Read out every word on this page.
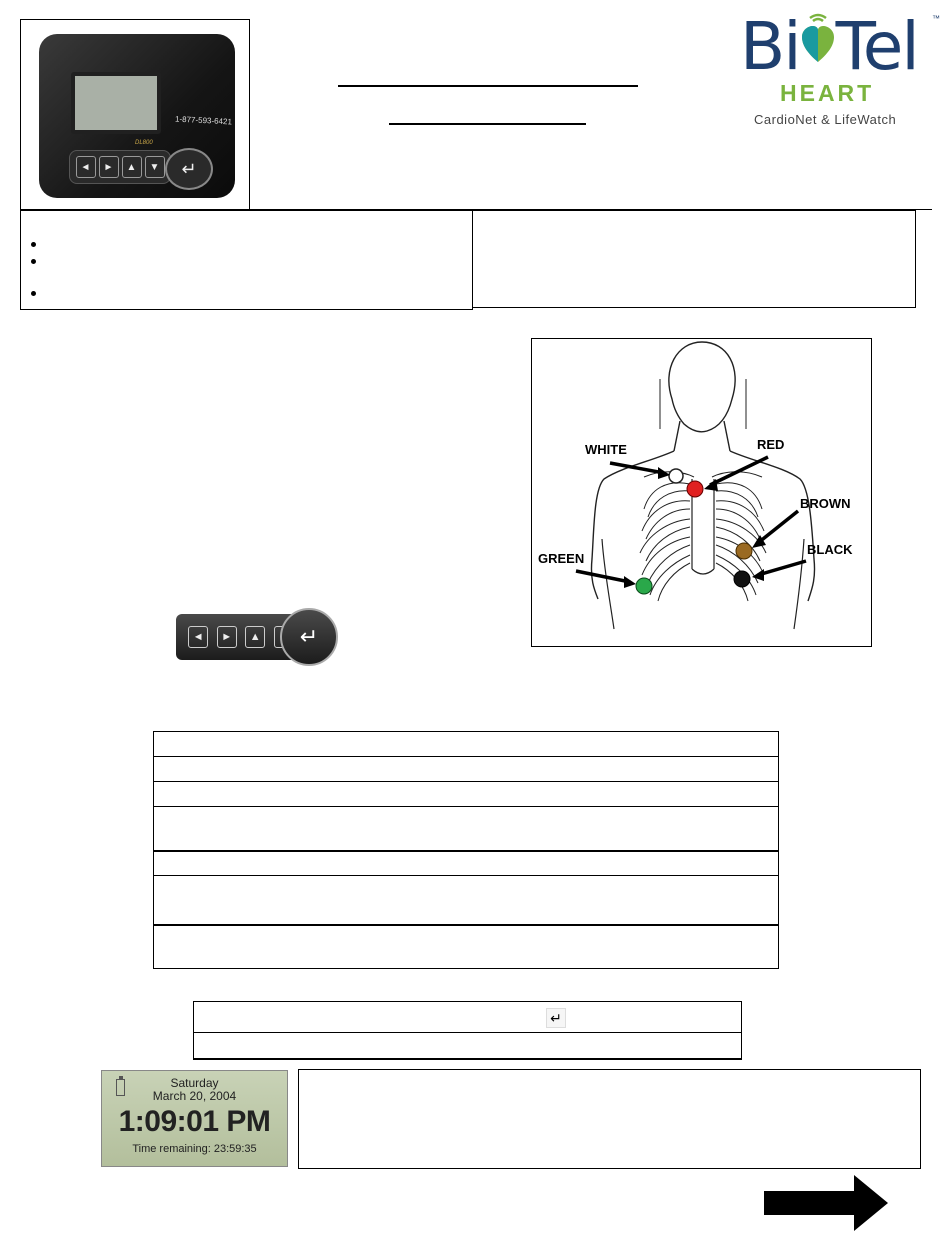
1-877-593-6421
DL800
◄	►	▲	▼	↵
Bi Tel ™
HEART
CardioNet & LifeWatch
WHITE	RED
BROWN
GREEN
BLACK
◄	►	▲	↵
↵
Saturday
March 20, 2004
1:09:01 PM
Time remaining: 23:59:35
